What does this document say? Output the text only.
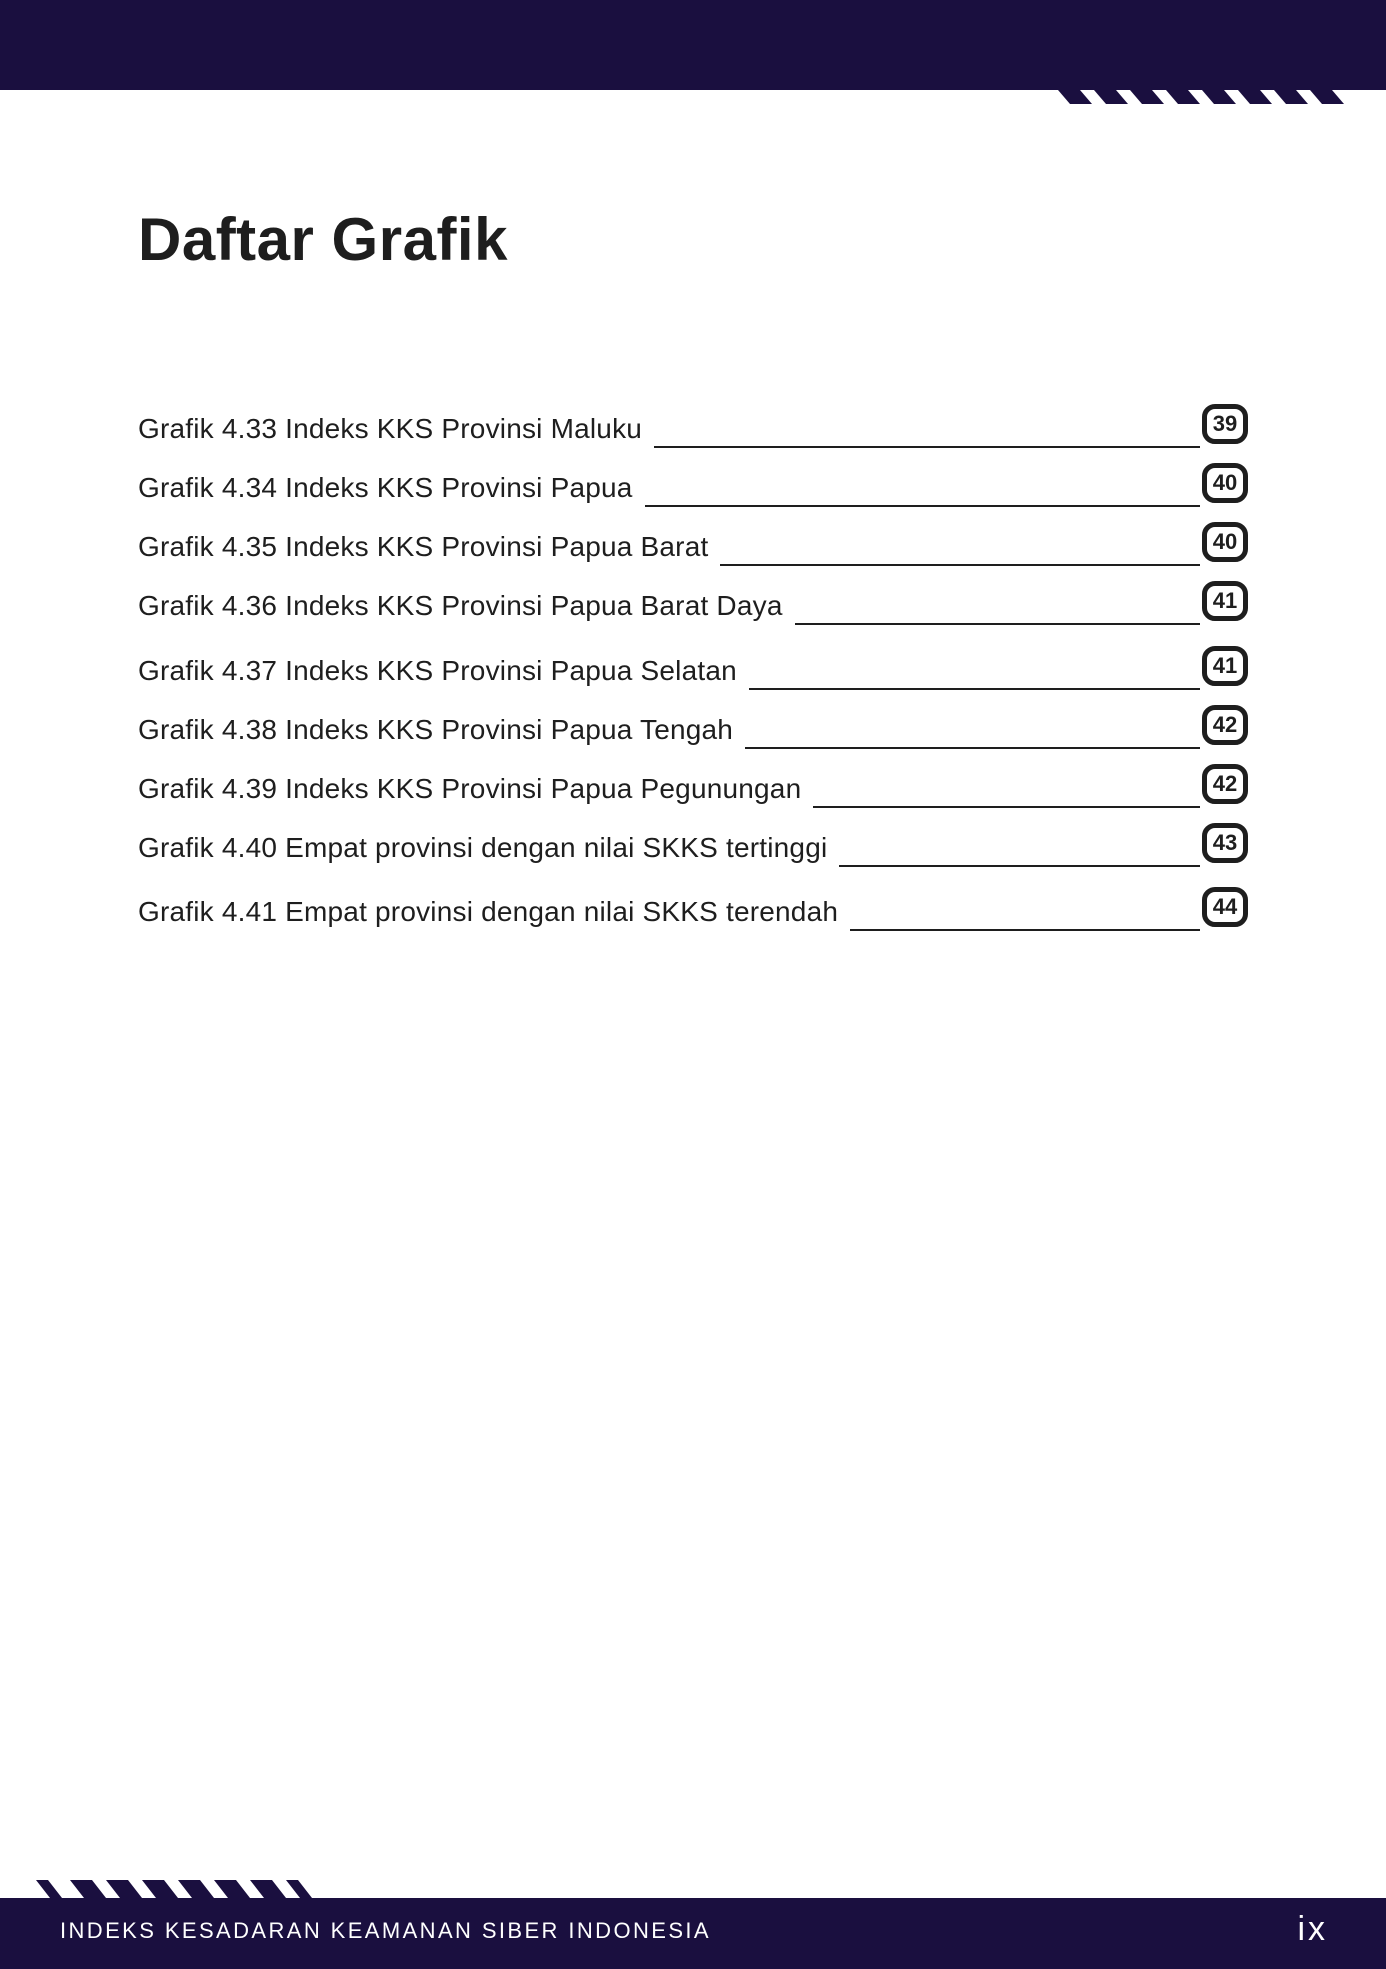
Daftar Grafik
Grafik 4.33 Indeks KKS Provinsi Maluku	39
Grafik 4.34 Indeks KKS Provinsi Papua	40
Grafik 4.35 Indeks KKS Provinsi Papua Barat	40
Grafik 4.36 Indeks KKS Provinsi Papua Barat Daya	41
Grafik 4.37 Indeks KKS Provinsi Papua Selatan	41
Grafik 4.38 Indeks KKS Provinsi Papua Tengah	42
Grafik 4.39 Indeks KKS Provinsi Papua Pegunungan	42
Grafik 4.40 Empat provinsi dengan nilai SKKS tertinggi	43
Grafik 4.41 Empat provinsi dengan nilai SKKS terendah	44
INDEKS KESADARAN KEAMANAN SIBER INDONESIA	ix
